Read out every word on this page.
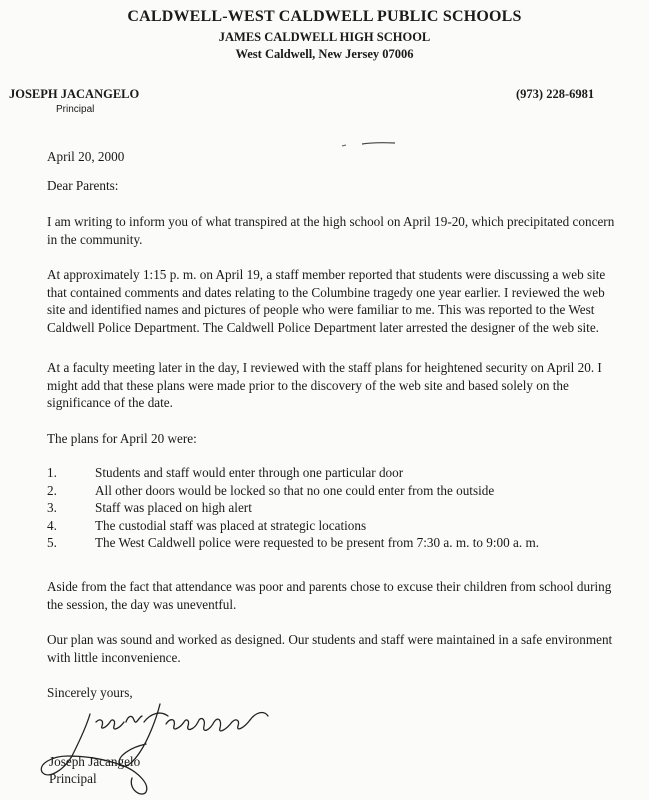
CALDWELL-WEST CALDWELL PUBLIC SCHOOLS
JAMES CALDWELL HIGH SCHOOL
West Caldwell, New Jersey 07006
JOSEPH JACANGELO
Principal
(973) 228-6981

April 20, 2000

Dear Parents:

I am writing to inform you of what transpired at the high school on April 19-20, which precipitated concern in the community.

At approximately 1:15 p. m. on April 19, a staff member reported that students were discussing a web site that contained comments and dates relating to the Columbine tragedy one year earlier. I reviewed the web site and identified names and pictures of people who were familiar to me. This was reported to the West Caldwell Police Department. The Caldwell Police Department later arrested the designer of the web site.

At a faculty meeting later in the day, I reviewed with the staff plans for heightened security on April 20. I might add that these plans were made prior to the discovery of the web site and based solely on the significance of the date.

The plans for April 20 were:

1.	Students and staff would enter through one particular door
2.	All other doors would be locked so that no one could enter from the outside
3.	Staff was placed on high alert
4.	The custodial staff was placed at strategic locations
5.	The West Caldwell police were requested to be present from 7:30 a. m. to 9:00 a. m.

Aside from the fact that attendance was poor and parents chose to excuse their children from school during the session, the day was uneventful.

Our plan was sound and worked as designed. Our students and staff were maintained in a safe environment with little inconvenience.

Sincerely yours,

Joseph Jacangelo
Principal
